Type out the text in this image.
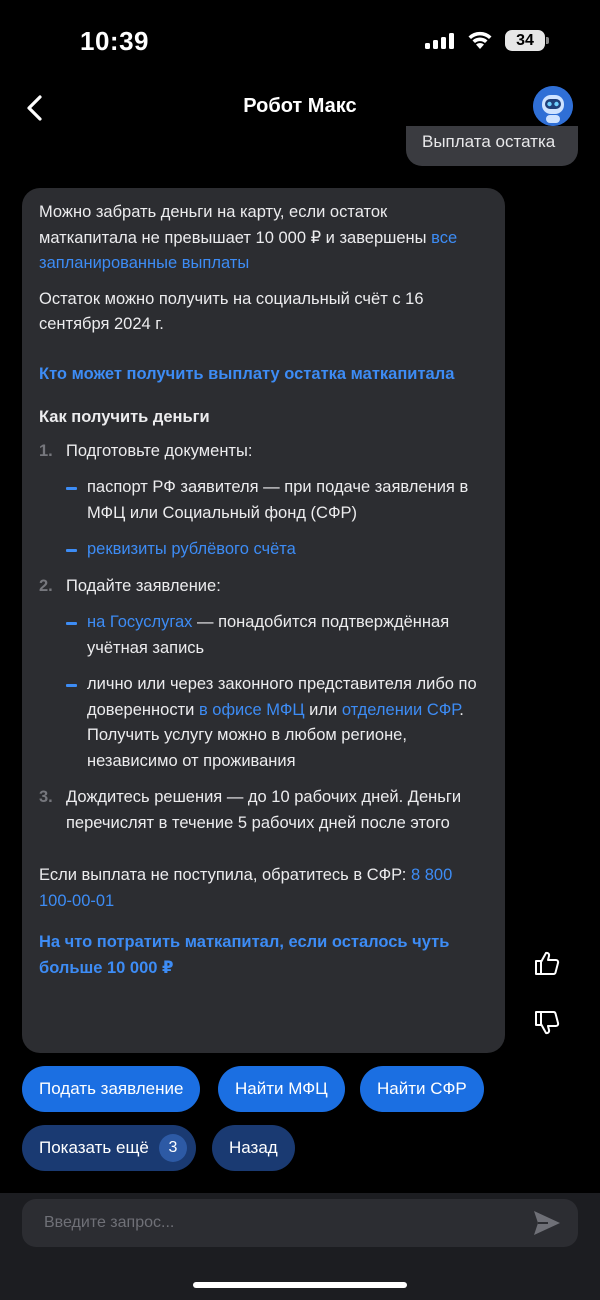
10:39	34
Робот Макс
Выплата остатка

Можно забрать деньги на карту, если остаток маткапитала не превышает 10 000 ₽ и завершены все запланированные выплаты

Остаток можно получить на социальный счёт с 16 сентября 2024 г.

Кто может получить выплату остатка маткапитала

Как получить деньги
1. Подготовьте документы:
паспорт РФ заявителя — при подаче заявления в МФЦ или Социальный фонд (СФР)
реквизиты рублёвого счёта
2. Подайте заявление:
на Госуслугах — понадобится подтверждённая учётная запись
лично или через законного представителя либо по доверенности в офисе МФЦ или отделении СФР. Получить услугу можно в любом регионе, независимо от проживания
3. Дождитесь решения — до 10 рабочих дней. Деньги перечислят в течение 5 рабочих дней после этого

Если выплата не поступила, обратитесь в СФР: 8 800 100-00-01

На что потратить маткапитал, если осталось чуть больше 10 000 ₽

Подать заявление	Найти МФЦ	Найти СФР
Показать ещё 3	Назад
Введите запрос...
